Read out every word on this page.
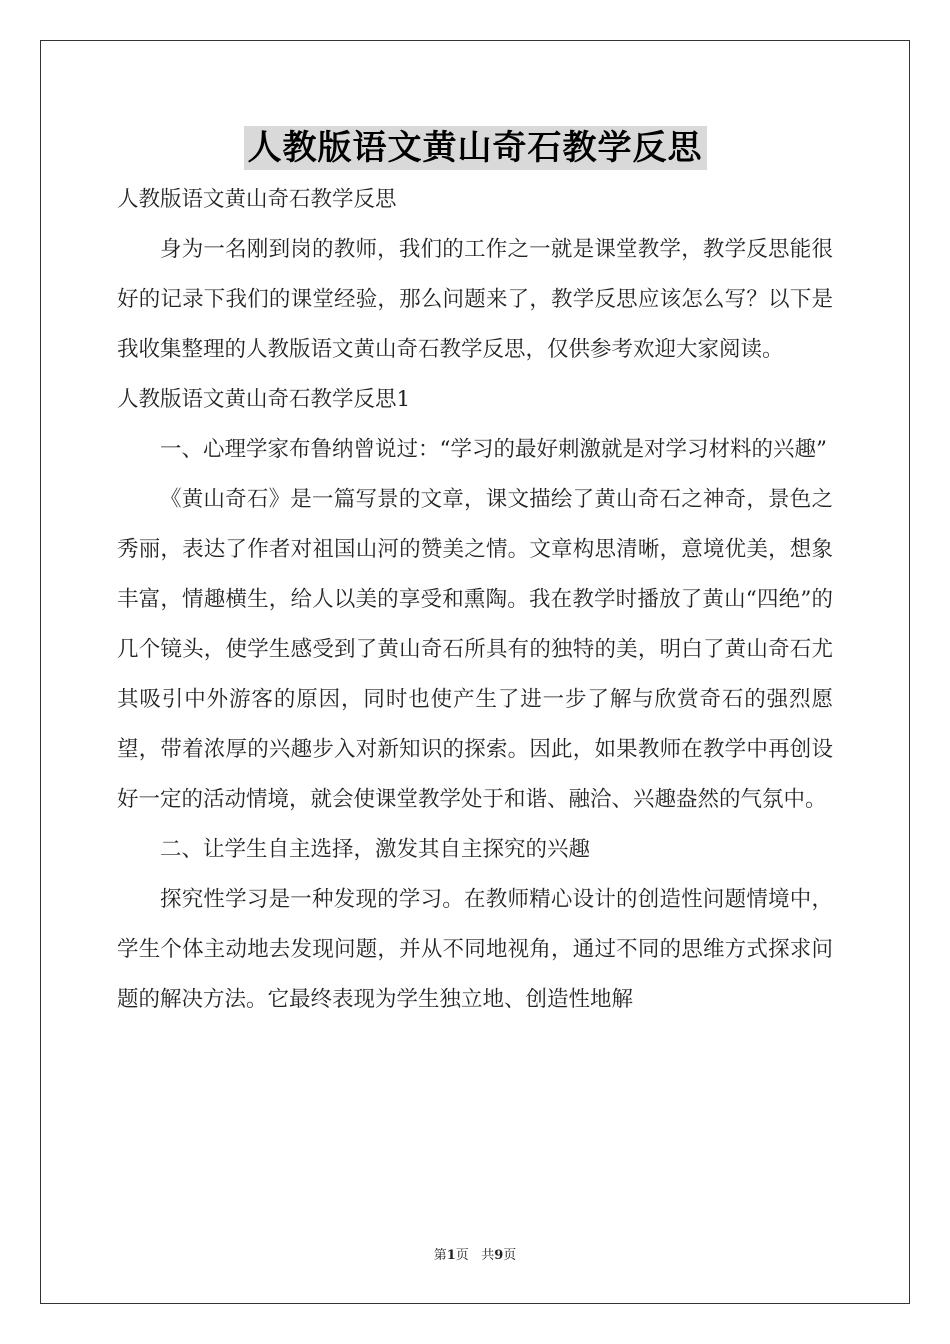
人教版语文黄山奇石教学反思

人教版语文黄山奇石教学反思

身为一名刚到岗的教师，我们的工作之一就是课堂教学，教学反思能很好的记录下我们的课堂经验，那么问题来了，教学反思应该怎么写？以下是我收集整理的人教版语文黄山奇石教学反思，仅供参考欢迎大家阅读。

人教版语文黄山奇石教学反思1

一、心理学家布鲁纳曾说过：“学习的最好刺激就是对学习材料的兴趣”

《黄山奇石》是一篇写景的文章，课文描绘了黄山奇石之神奇，景色之秀丽，表达了作者对祖国山河的赞美之情。文章构思清晰，意境优美，想象丰富，情趣横生，给人以美的享受和熏陶。我在教学时播放了黄山“四绝”的几个镜头，使学生感受到了黄山奇石所具有的独特的美，明白了黄山奇石尤其吸引中外游客的原因，同时也使产生了进一步了解与欣赏奇石的强烈愿望，带着浓厚的兴趣步入对新知识的探索。因此，如果教师在教学中再创设好一定的活动情境，就会使课堂教学处于和谐、融洽、兴趣盎然的气氛中。

二、让学生自主选择，激发其自主探究的兴趣

探究性学习是一种发现的学习。在教师精心设计的创造性问题情境中，学生个体主动地去发现问题，并从不同地视角，通过不同的思维方式探求问题的解决方法。它最终表现为学生独立地、创造性地解

第1页 共9页
